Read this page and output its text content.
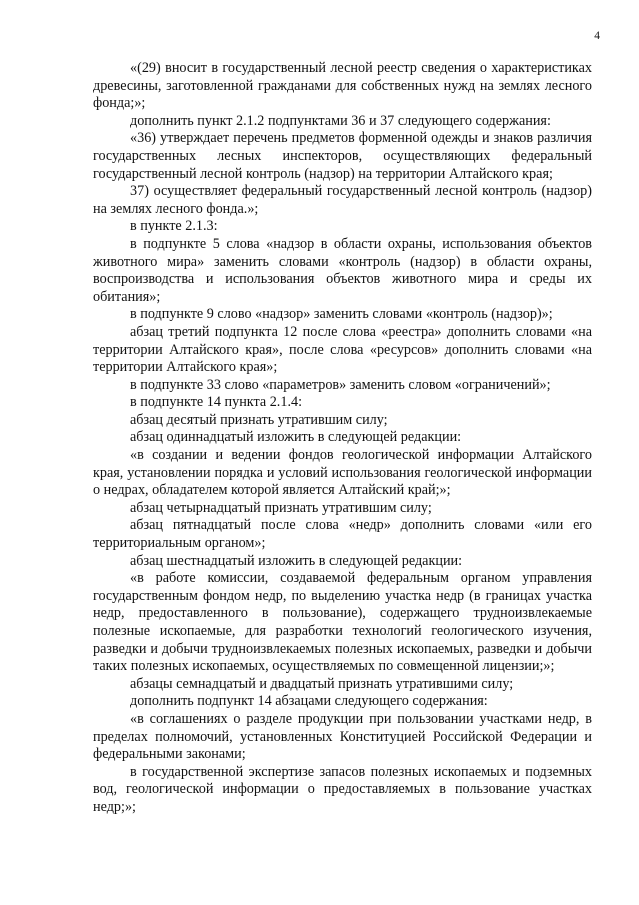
4

«(29) вносит в государственный лесной реестр сведения о характеристиках древесины, заготовленной гражданами для собственных нужд на землях лесного фонда;»;

дополнить пункт 2.1.2 подпунктами 36 и 37 следующего содержания:

«36) утверждает перечень предметов форменной одежды и знаков различия государственных лесных инспекторов, осуществляющих федеральный государственный лесной контроль (надзор) на территории Алтайского края;

37) осуществляет федеральный государственный лесной контроль (надзор) на землях лесного фонда.»;

в пункте 2.1.3:

в подпункте 5 слова «надзор в области охраны, использования объектов животного мира» заменить словами «контроль (надзор) в области охраны, воспроизводства и использования объектов животного мира и среды их обитания»;

в подпункте 9 слово «надзор» заменить словами «контроль (надзор)»;

абзац третий подпункта 12 после слова «реестра» дополнить словами «на территории Алтайского края», после слова «ресурсов» дополнить словами «на территории Алтайского края»;

в подпункте 33 слово «параметров» заменить словом «ограничений»;

в подпункте 14 пункта 2.1.4:

абзац десятый признать утратившим силу;

абзац одиннадцатый изложить в следующей редакции:

«в создании и ведении фондов геологической информации Алтайского края, установлении порядка и условий использования геологической информации о недрах, обладателем которой является Алтайский край;»;

абзац четырнадцатый признать утратившим силу;

абзац пятнадцатый после слова «недр» дополнить словами «или его территориальным органом»;

абзац шестнадцатый изложить в следующей редакции:

«в работе комиссии, создаваемой федеральным органом управления государственным фондом недр, по выделению участка недр (в границах участка недр, предоставленного в пользование), содержащего трудноизвлекаемые полезные ископаемые, для разработки технологий геологического изучения, разведки и добычи трудноизвлекаемых полезных ископаемых, разведки и добычи таких полезных ископаемых, осуществляемых по совмещенной лицензии;»;

абзацы семнадцатый и двадцатый признать утратившими силу;

дополнить подпункт 14 абзацами следующего содержания:

«в соглашениях о разделе продукции при пользовании участками недр, в пределах полномочий, установленных Конституцией Российской Федерации и федеральными законами;

в государственной экспертизе запасов полезных ископаемых и подземных вод, геологической информации о предоставляемых в пользование участках недр;»;
